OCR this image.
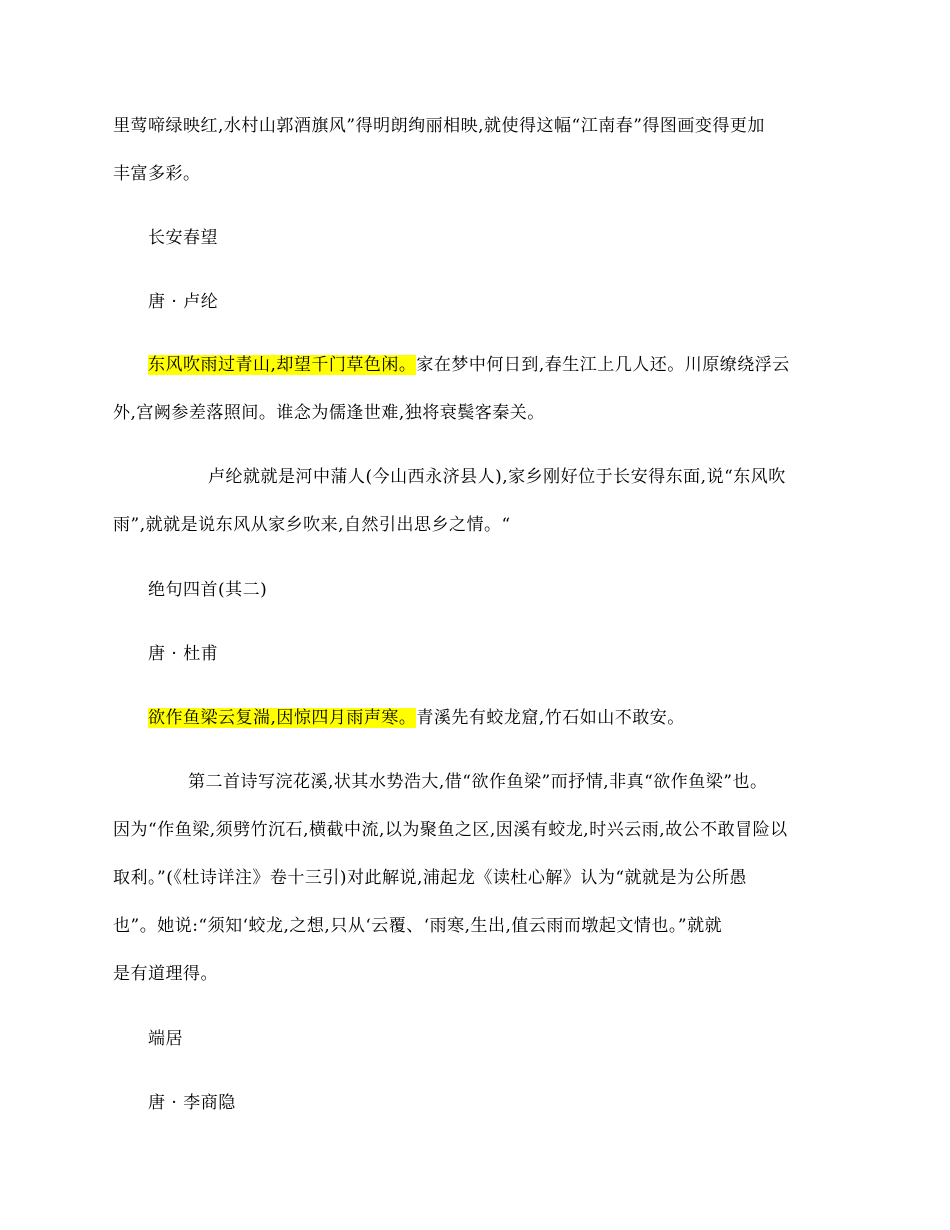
里莺啼绿映红,水村山郭酒旗风”得明朗绚丽相映,就使得这幅“江南春”得图画变得更加
丰富多彩。
长安春望
唐 · 卢纶
东风吹雨过青山,却望千门草色闲。家在梦中何日到,春生江上几人还。川原缭绕浮云
外,宫阙参差落照间。谁念为儒逢世难,独将衰鬓客秦关。
卢纶就就是河中蒲人(今山西永济县人),家乡刚好位于长安得东面,说“东风吹
雨”,就就是说东风从家乡吹来,自然引出思乡之情。“
绝句四首(其二)
唐 · 杜甫
欲作鱼梁云复湍,因惊四月雨声寒。青溪先有蛟龙窟,竹石如山不敢安。
第二首诗写浣花溪,状其水势浩大,借“欲作鱼梁”而抒情,非真“欲作鱼梁”也。
因为“作鱼梁,须劈竹沉石,横截中流,以为聚鱼之区,因溪有蛟龙,时兴云雨,故公不敢冒险以
取利。”(《杜诗详注》卷十三引)对此解说,浦起龙《读杜心解》认为“就就是为公所愚
也”。她说:“须知‘蛟龙,之想,只从‘云覆、‘雨寒,生出,值云雨而墩起文情也。”就就
是有道理得。
端居
唐 · 李商隐
